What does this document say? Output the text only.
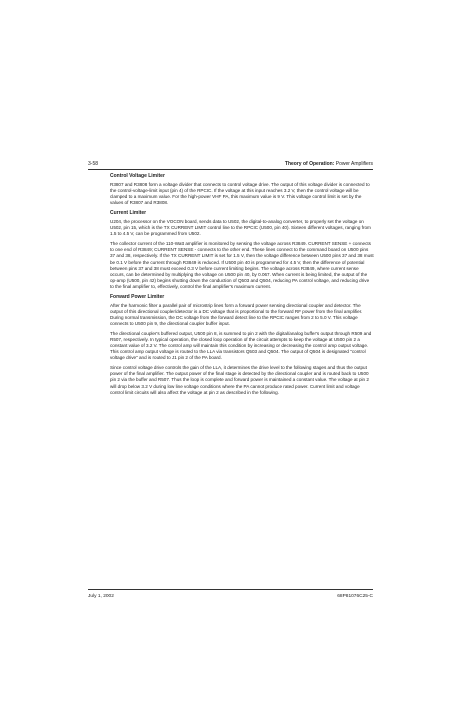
3-58	Theory of Operation: Power Amplifiers
Control Voltage Limiter

R3807 and R3808 form a voltage divider that connects to control voltage drive. The output of this voltage divider is connected to the control-voltage-limit input (pin 4) of the RPCIC. If the voltage at this input reaches 3.2 V, then the control voltage will be clamped to a maximum value. For the high-power VHF PA, this maximum value is 9 V. This voltage control limit is set by the values of R3807 and R3808.

Current Limiter

U204, the processor on the VOCON board, sends data to U502, the digital-to-analog converter, to properly set the voltage on U502, pin 15, which is the TX CURRENT LIMIT control line to the RPCIC (U500, pin 40). Sixteen different voltages, ranging from 1.5 to 4.5 V, can be programmed from U502.

The collector current of the 110-Watt amplifier is monitored by sensing the voltage across R3849. CURRENT SENSE + connects to one end of R3849; CURRENT SENSE - connects to the other end. These lines connect to the command board on U500 pins 37 and 38, respectively. If the TX CURRENT LIMIT is set for 1.5 V, then the voltage difference between U500 pins 37 and 38 must be 0.1 V before the current through R3849 is reduced. If U500 pin 40 is programmed for 4.5 V, then the difference of potential between pins 37 and 38 must exceed 0.3 V before current limiting begins. The voltage across R3849, where current sense occurs, can be determined by multiplying the voltage on U500 pin 40, by 0.067. When current is being limited, the output of the op-amp (U500, pin 42) begins shutting down the conduction of Q503 and Q504, reducing PA control voltage, and reducing drive to the final amplifier to, effectively, control the final amplifier's maximum current.

Forward Power Limiter

After the harmonic filter a parallel pair of microstrip lines form a forward power sensing directional coupler and detector. The output of this directional coupler/detector is a DC voltage that is proportional to the forward RF power from the final amplifier. During normal transmission, the DC voltage from the forward detect line to the RPCIC ranges from 2 to 5.0 V. This voltage connects to U500 pin 9, the directional coupler buffer input.

The directional coupler's buffered output, U500 pin 8, is summed to pin 2 with the digital/analog buffer's output through R509 and R507, respectively. In typical operation, the closed loop operation of the circuit attempts to keep the voltage at U500 pin 2 a constant value of 3.2 V. The control amp will maintain this condition by increasing or decreasing the control amp output voltage. This control amp output voltage is routed to the LLA via transistors Q503 and Q504. The output of Q504 is designated "control voltage drive" and is routed to J1 pin 2 of the PA board.

Since control voltage drive controls the gain of the LLA, it determines the drive level to the following stages and thus the output power of the final amplifier. The output power of the final stage is detected by the directional coupler and is routed back to U500 pin 2 via the buffer and R507. Thus the loop is complete and forward power is maintained a constant value. The voltage at pin 2 will drop below 3.2 V during low line voltage conditions where the PA cannot produce rated power. Current limit and voltage control limit circuits will also affect the voltage at pin 2 as described in the following.

July 1, 2002	68P81076C25-C
